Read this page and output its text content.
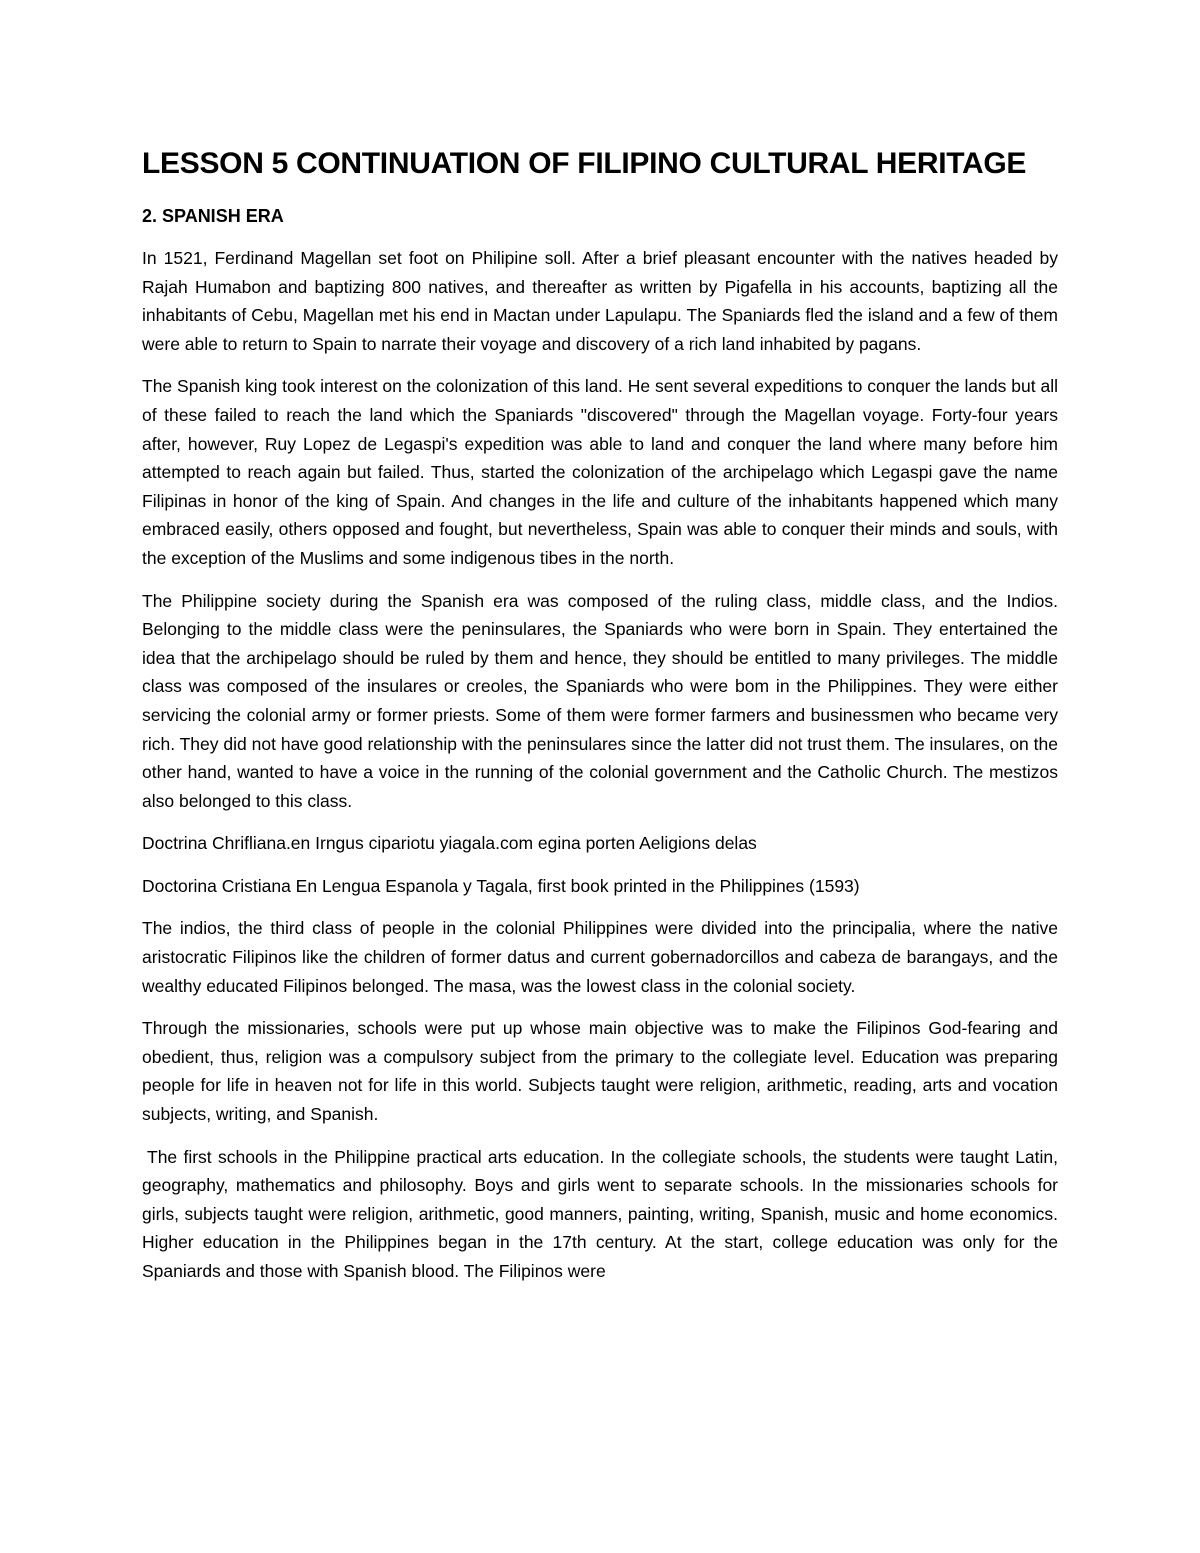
LESSON 5 CONTINUATION OF FILIPINO CULTURAL HERITAGE
2. SPANISH ERA

In 1521, Ferdinand Magellan set foot on Philipine soll. After a brief pleasant encounter with the natives headed by Rajah Humabon and baptizing 800 natives, and thereafter as written by Pigafella in his accounts, baptizing all the inhabitants of Cebu, Magellan met his end in Mactan under Lapulapu. The Spaniards fled the island and a few of them were able to return to Spain to narrate their voyage and discovery of a rich land inhabited by pagans.

The Spanish king took interest on the colonization of this land. He sent several expeditions to conquer the lands but all of these failed to reach the land which the Spaniards "discovered" through the Magellan voyage. Forty-four years after, however, Ruy Lopez de Legaspi's expedition was able to land and conquer the land where many before him attempted to reach again but failed. Thus, started the colonization of the archipelago which Legaspi gave the name Filipinas in honor of the king of Spain. And changes in the life and culture of the inhabitants happened which many embraced easily, others opposed and fought, but nevertheless, Spain was able to conquer their minds and souls, with the exception of the Muslims and some indigenous tibes in the north.

The Philippine society during the Spanish era was composed of the ruling class, middle class, and the Indios. Belonging to the middle class were the peninsulares, the Spaniards who were born in Spain. They entertained the idea that the archipelago should be ruled by them and hence, they should be entitled to many privileges. The middle class was composed of the insulares or creoles, the Spaniards who were bom in the Philippines. They were either servicing the colonial army or former priests. Some of them were former farmers and businessmen who became very rich. They did not have good relationship with the peninsulares since the latter did not trust them. The insulares, on the other hand, wanted to have a voice in the running of the colonial government and the Catholic Church. The mestizos also belonged to this class.

Doctrina Chrifliana.en Irngus cipariotu yiagala.com egina porten Aeligions delas

Doctorina Cristiana En Lengua Espanola y Tagala, first book printed in the Philippines (1593)

The indios, the third class of people in the colonial Philippines were divided into the principalia, where the native aristocratic Filipinos like the children of former datus and current gobernadorcillos and cabeza de barangays, and the wealthy educated Filipinos belonged. The masa, was the lowest class in the colonial society.

Through the missionaries, schools were put up whose main objective was to make the Filipinos God-fearing and obedient, thus, religion was a compulsory subject from the primary to the collegiate level. Education was preparing people for life in heaven not for life in this world. Subjects taught were religion, arithmetic, reading, arts and vocation subjects, writing, and Spanish.

The first schools in the Philippine practical arts education. In the collegiate schools, the students were taught Latin, geography, mathematics and philosophy. Boys and girls went to separate schools. In the missionaries schools for girls, subjects taught were religion, arithmetic, good manners, painting, writing, Spanish, music and home economics. Higher education in the Philippines began in the 17th century. At the start, college education was only for the Spaniards and those with Spanish blood. The Filipinos were
